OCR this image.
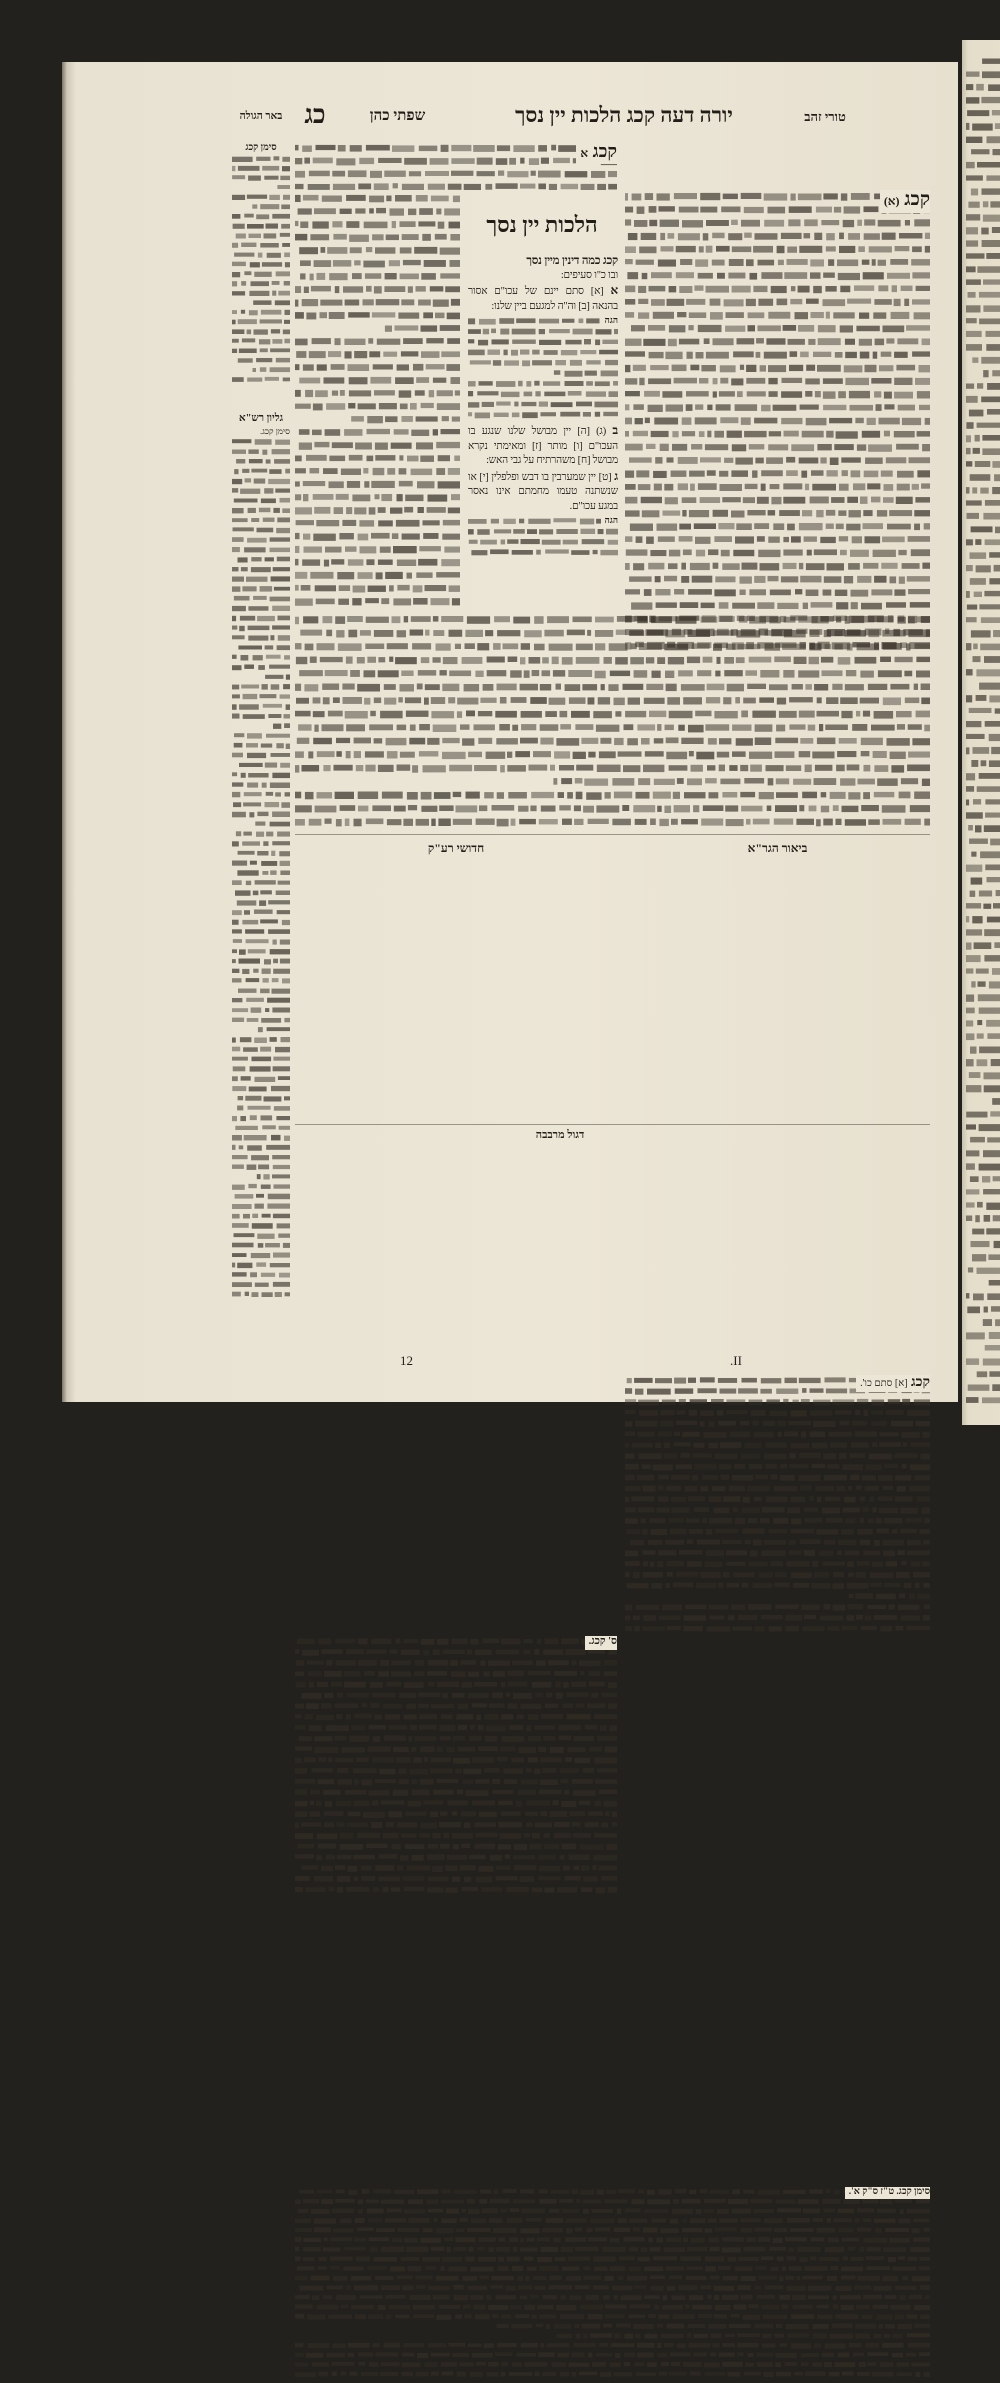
באר הגולה כג	שפתי כהן	יורה דעה קכג הלכות יין נסך	טורי זהב
סימן קכג
גליון רש"א
סימן קכג.
קכג א
הלכות יין נסך

קכג כמה דינין מיין נסך

ובו כ"ו סעיפים:

א [א] סתם יינם של עכו"ם אסור בהנאה [ב] וה"ה למגעם ביין שלנו:

הגה

ב (ג) [ה] יין מבושל שלנו שנגע בו העכו"ם [ו] מותר [ז] ומאימתי נקרא מבושל [ח] משהרתיח על גבי האש:

ג [ט] יין שמערבין בו דבש ופלפלין [י] או שנשתנה טעמו מחמתם אינו נאסר במגע עכו"ם.

הגה
קכג (א)
ביאור הגר"א
קכג [א] סתם כו'.
חדושי רע"ק
ס' קכג.
דגול מרבבה
סימן קכג. ט"ז ס"ק א'.
12	II.
